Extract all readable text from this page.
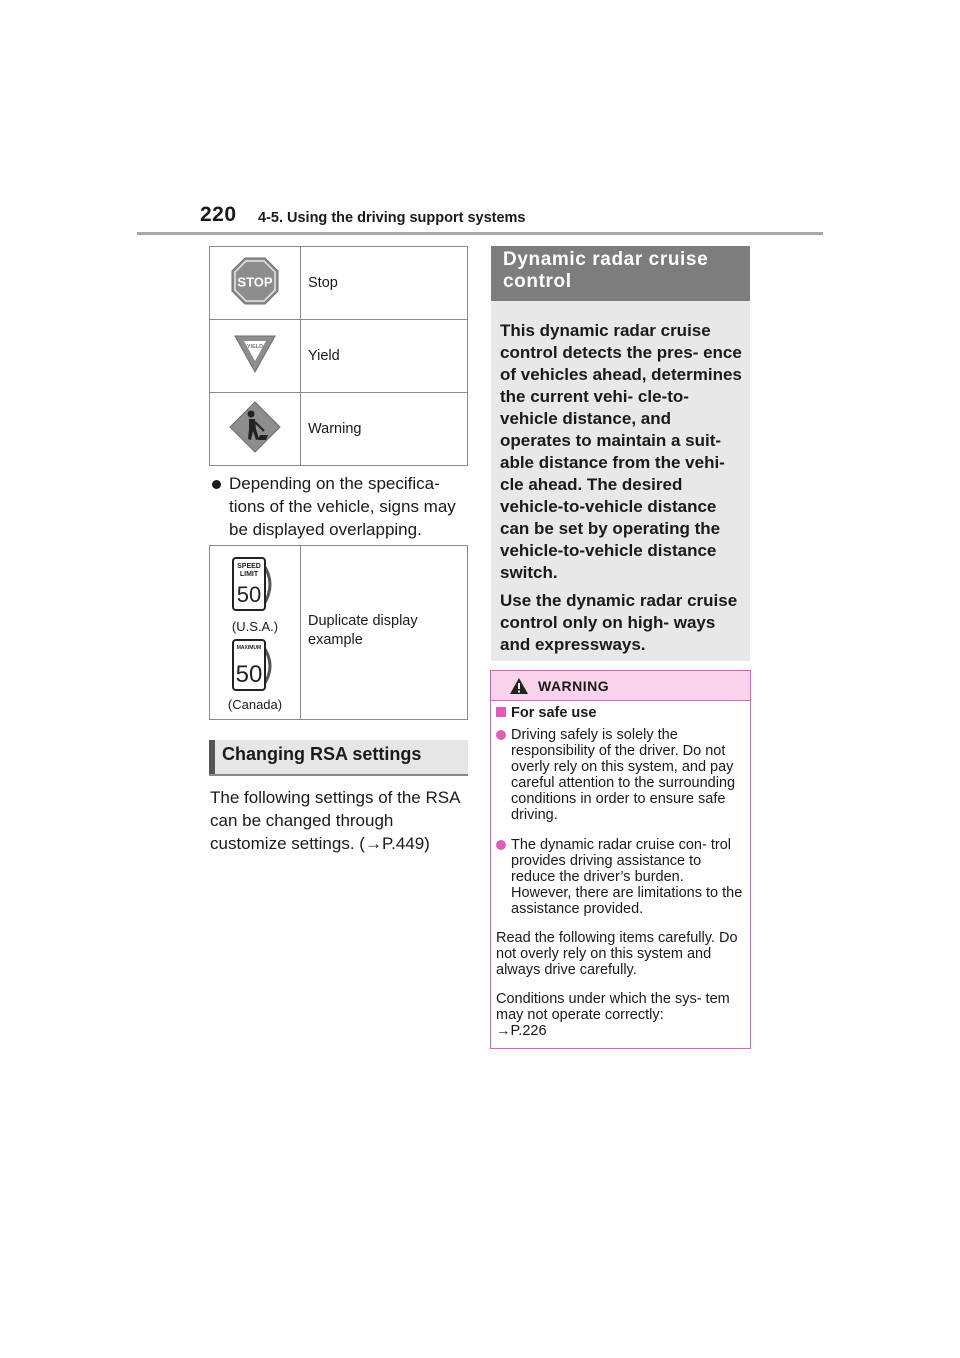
220 4-5. Using the driving support systems
STOP	Stop

YIELD	Yield
	Warning
Depending on the specifica- tions of the vehicle, signs may be displayed overlapping.
SPEED
LIMIT
50
(U.S.A.)
MAXIMUM
50
(Canada)
	Duplicate display example
Changing RSA settings
The following settings of the RSA can be changed through customize settings. (→P.449)
Dynamic radar cruise
control

This dynamic radar cruise control detects the pres- ence of vehicles ahead, determines the current vehi- cle-to-vehicle distance, and operates to maintain a suit- able distance from the vehi- cle ahead. The desired vehicle-to-vehicle distance can be set by operating the vehicle-to-vehicle distance switch.

Use the dynamic radar cruise control only on high- ways and expressways.

WARNING
For safe use
Driving safely is solely the responsibility of the driver. Do not overly rely on this system, and pay careful attention to the surrounding conditions in order to ensure safe driving.
The dynamic radar cruise con- trol provides driving assistance to reduce the driver’s burden. However, there are limitations to the assistance provided.
Read the following items carefully. Do not overly rely on this system and always drive carefully.
Conditions under which the sys- tem may not operate correctly:
→P.226
